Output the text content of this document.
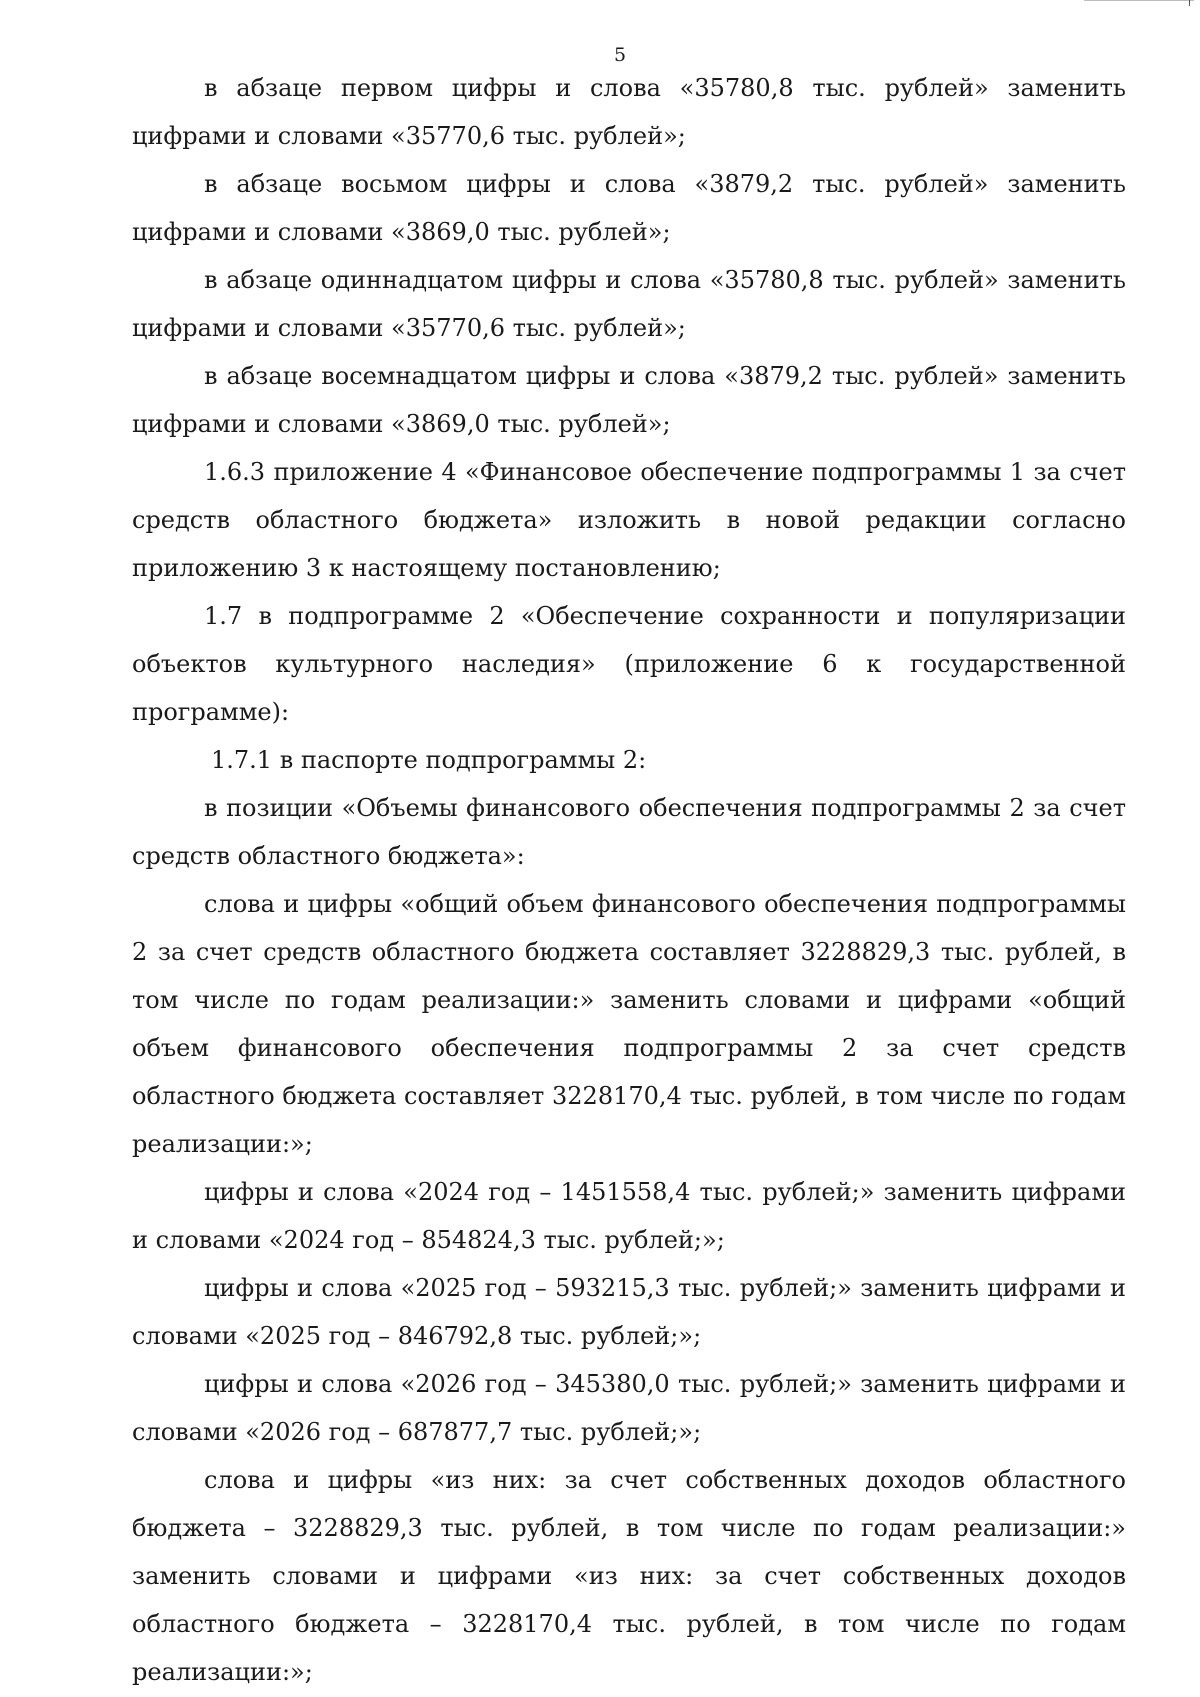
5

в абзаце первом цифры и слова «35780,8 тыс. рублей» заменить цифрами и словами «35770,6 тыс. рублей»;

в абзаце восьмом цифры и слова «3879,2 тыс. рублей» заменить цифрами и словами «3869,0 тыс. рублей»;

в абзаце одиннадцатом цифры и слова «35780,8 тыс. рублей» заменить цифрами и словами «35770,6 тыс. рублей»;

в абзаце восемнадцатом цифры и слова «3879,2 тыс. рублей» заменить цифрами и словами «3869,0 тыс. рублей»;

1.6.3 приложение 4 «Финансовое обеспечение подпрограммы 1 за счет средств областного бюджета» изложить в новой редакции согласно приложению 3 к настоящему постановлению;

1.7 в подпрограмме 2 «Обеспечение сохранности и популяризации объектов культурного наследия» (приложение 6 к государственной программе):

1.7.1 в паспорте подпрограммы 2:

в позиции «Объемы финансового обеспечения подпрограммы 2 за счет средств областного бюджета»:

слова и цифры «общий объем финансового обеспечения подпрограммы 2 за счет средств областного бюджета составляет 3228829,3 тыс. рублей, в том числе по годам реализации:» заменить словами и цифрами «общий объем финансового обеспечения подпрограммы 2 за счет средств областного бюджета составляет 3228170,4 тыс. рублей, в том числе по годам реализации:»;

цифры и слова «2024 год – 1451558,4 тыс. рублей;» заменить цифрами и словами «2024 год – 854824,3 тыс. рублей;»;

цифры и слова «2025 год – 593215,3 тыс. рублей;» заменить цифрами и словами «2025 год – 846792,8 тыс. рублей;»;

цифры и слова «2026 год – 345380,0 тыс. рублей;» заменить цифрами и словами «2026 год – 687877,7 тыс. рублей;»;

слова и цифры «из них: за счет собственных доходов областного бюджета – 3228829,3 тыс. рублей, в том числе по годам реализации:» заменить словами и цифрами «из них: за счет собственных доходов областного бюджета – 3228170,4 тыс. рублей, в том числе по годам реализации:»;
